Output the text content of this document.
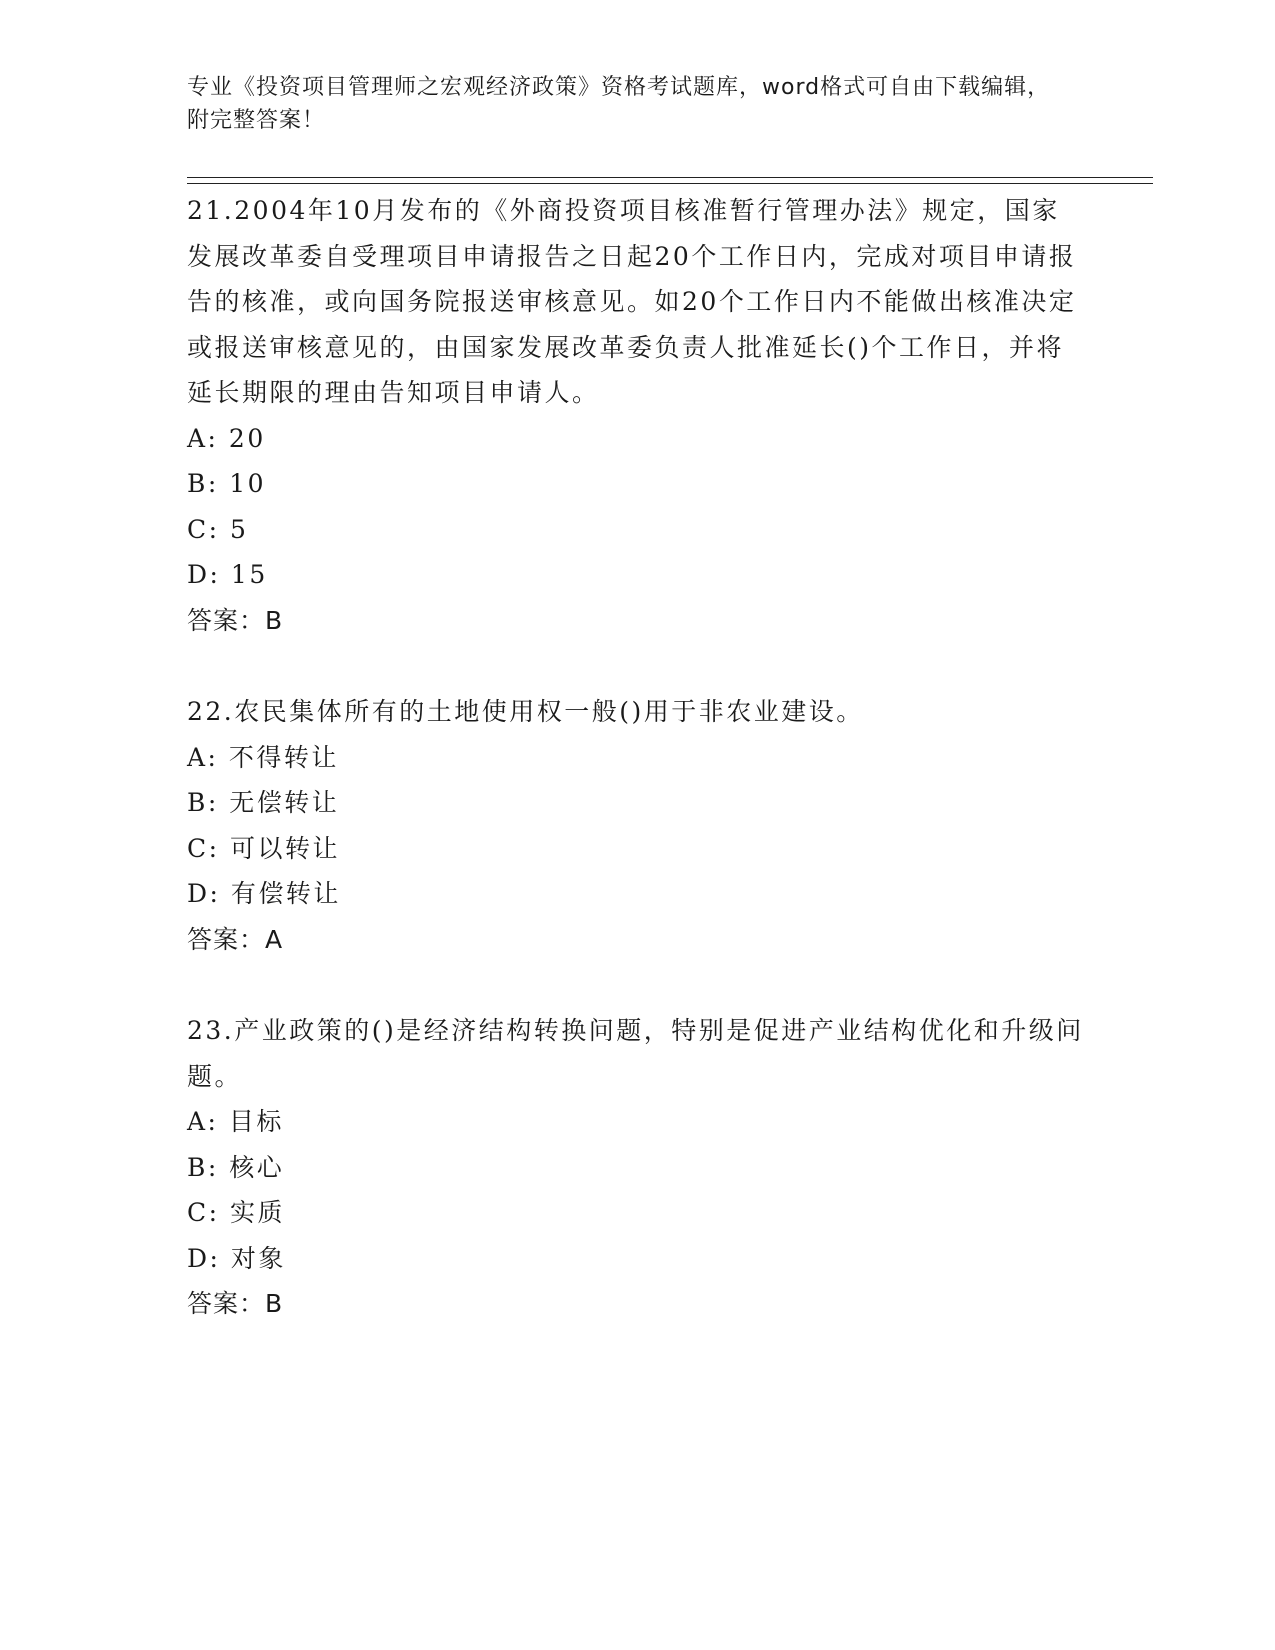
专业《投资项目管理师之宏观经济政策》资格考试题库，word格式可自由下载编辑，附完整答案！

21.2004年10月发布的《外商投资项目核准暂行管理办法》规定，国家发展改革委自受理项目申请报告之日起20个工作日内，完成对项目申请报告的核准，或向国务院报送审核意见。如20个工作日内不能做出核准决定或报送审核意见的，由国家发展改革委负责人批准延长()个工作日，并将延长期限的理由告知项目申请人。

A: 20

B: 10

C: 5

D: 15

答案：B

22.农民集体所有的土地使用权一般()用于非农业建设。

A: 不得转让

B: 无偿转让

C: 可以转让

D: 有偿转让

答案：A

23.产业政策的()是经济结构转换问题，特别是促进产业结构优化和升级问题。

A: 目标

B: 核心

C: 实质

D: 对象

答案：B
